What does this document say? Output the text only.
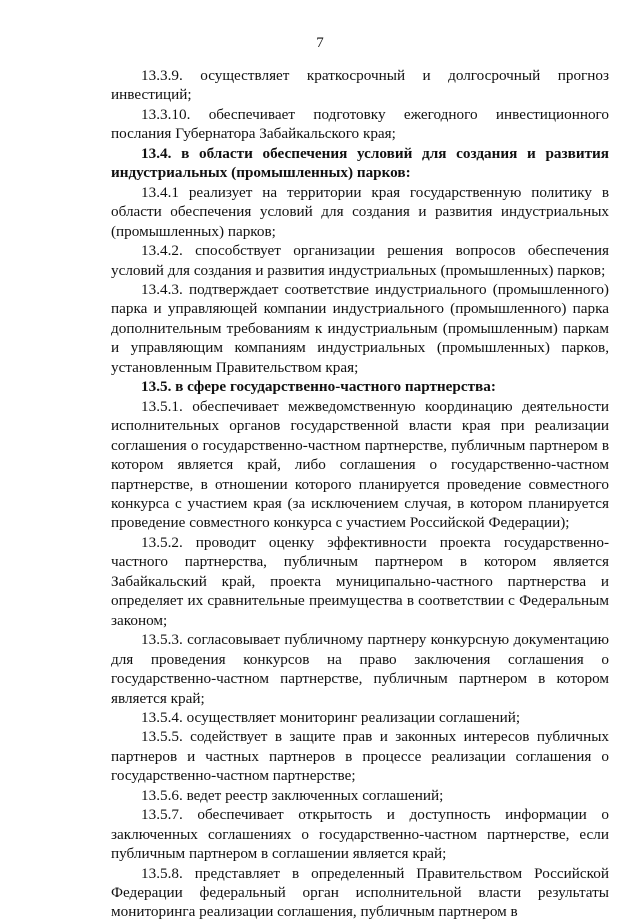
7

13.3.9. осуществляет краткосрочный и долгосрочный прогноз инвестиций;

13.3.10. обеспечивает подготовку ежегодного инвестиционного послания Губернатора Забайкальского края;

13.4. в области обеспечения условий для создания и развития индустриальных (промышленных) парков:

13.4.1 реализует на территории края государственную политику в области обеспечения условий для создания и развития индустриальных (промышленных) парков;

13.4.2. способствует организации решения вопросов обеспечения условий для создания и развития индустриальных (промышленных) парков;

13.4.3. подтверждает соответствие индустриального (промышленного) парка и управляющей компании индустриального (промышленного) парка дополнительным требованиям к индустриальным (промышленным) паркам и управляющим компаниям индустриальных (промышленных) парков, установленным Правительством края;

13.5. в сфере государственно-частного партнерства:

13.5.1. обеспечивает межведомственную координацию деятельности исполнительных органов государственной власти края при реализации соглашения о государственно-частном партнерстве, публичным партнером в котором является край, либо соглашения о государственно-частном партнерстве, в отношении которого планируется проведение совместного конкурса с участием края (за исключением случая, в котором планируется проведение совместного конкурса с участием Российской Федерации);

13.5.2. проводит оценку эффективности проекта государственно-частного партнерства, публичным партнером в котором является Забайкальский край, проекта муниципально-частного партнерства и определяет их сравнительные преимущества в соответствии с Федеральным законом;

13.5.3. согласовывает публичному партнеру конкурсную документацию для проведения конкурсов на право заключения соглашения о государственно-частном партнерстве, публичным партнером в котором является край;

13.5.4. осуществляет мониторинг реализации соглашений;

13.5.5. содействует в защите прав и законных интересов публичных партнеров и частных партнеров в процессе реализации соглашения о государственно-частном партнерстве;

13.5.6. ведет реестр заключенных соглашений;

13.5.7. обеспечивает открытость и доступность информации о заключенных соглашениях о государственно-частном партнерстве, если публичным партнером в соглашении является край;

13.5.8. представляет в определенный Правительством Российской Федерации федеральный орган исполнительной власти результаты мониторинга реализации соглашения, публичным партнером в
